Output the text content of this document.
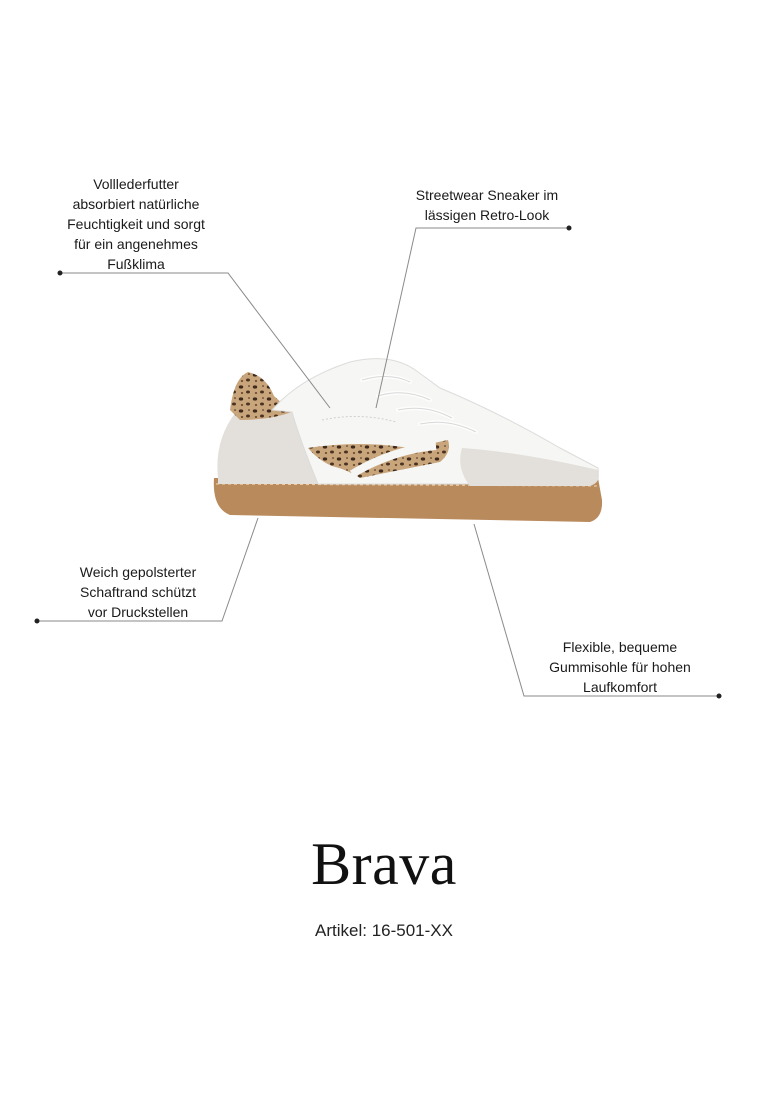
Volllederfutter
absorbiert natürliche
Feuchtigkeit und sorgt
für ein angenehmes
Fußklima

Streetwear Sneaker im
lässigen Retro-Look

Weich gepolsterter
Schaftrand schützt
vor Druckstellen

Flexible, bequeme
Gummisohle für hohen
Laufkomfort

Brava

Artikel: 16-501-XX
